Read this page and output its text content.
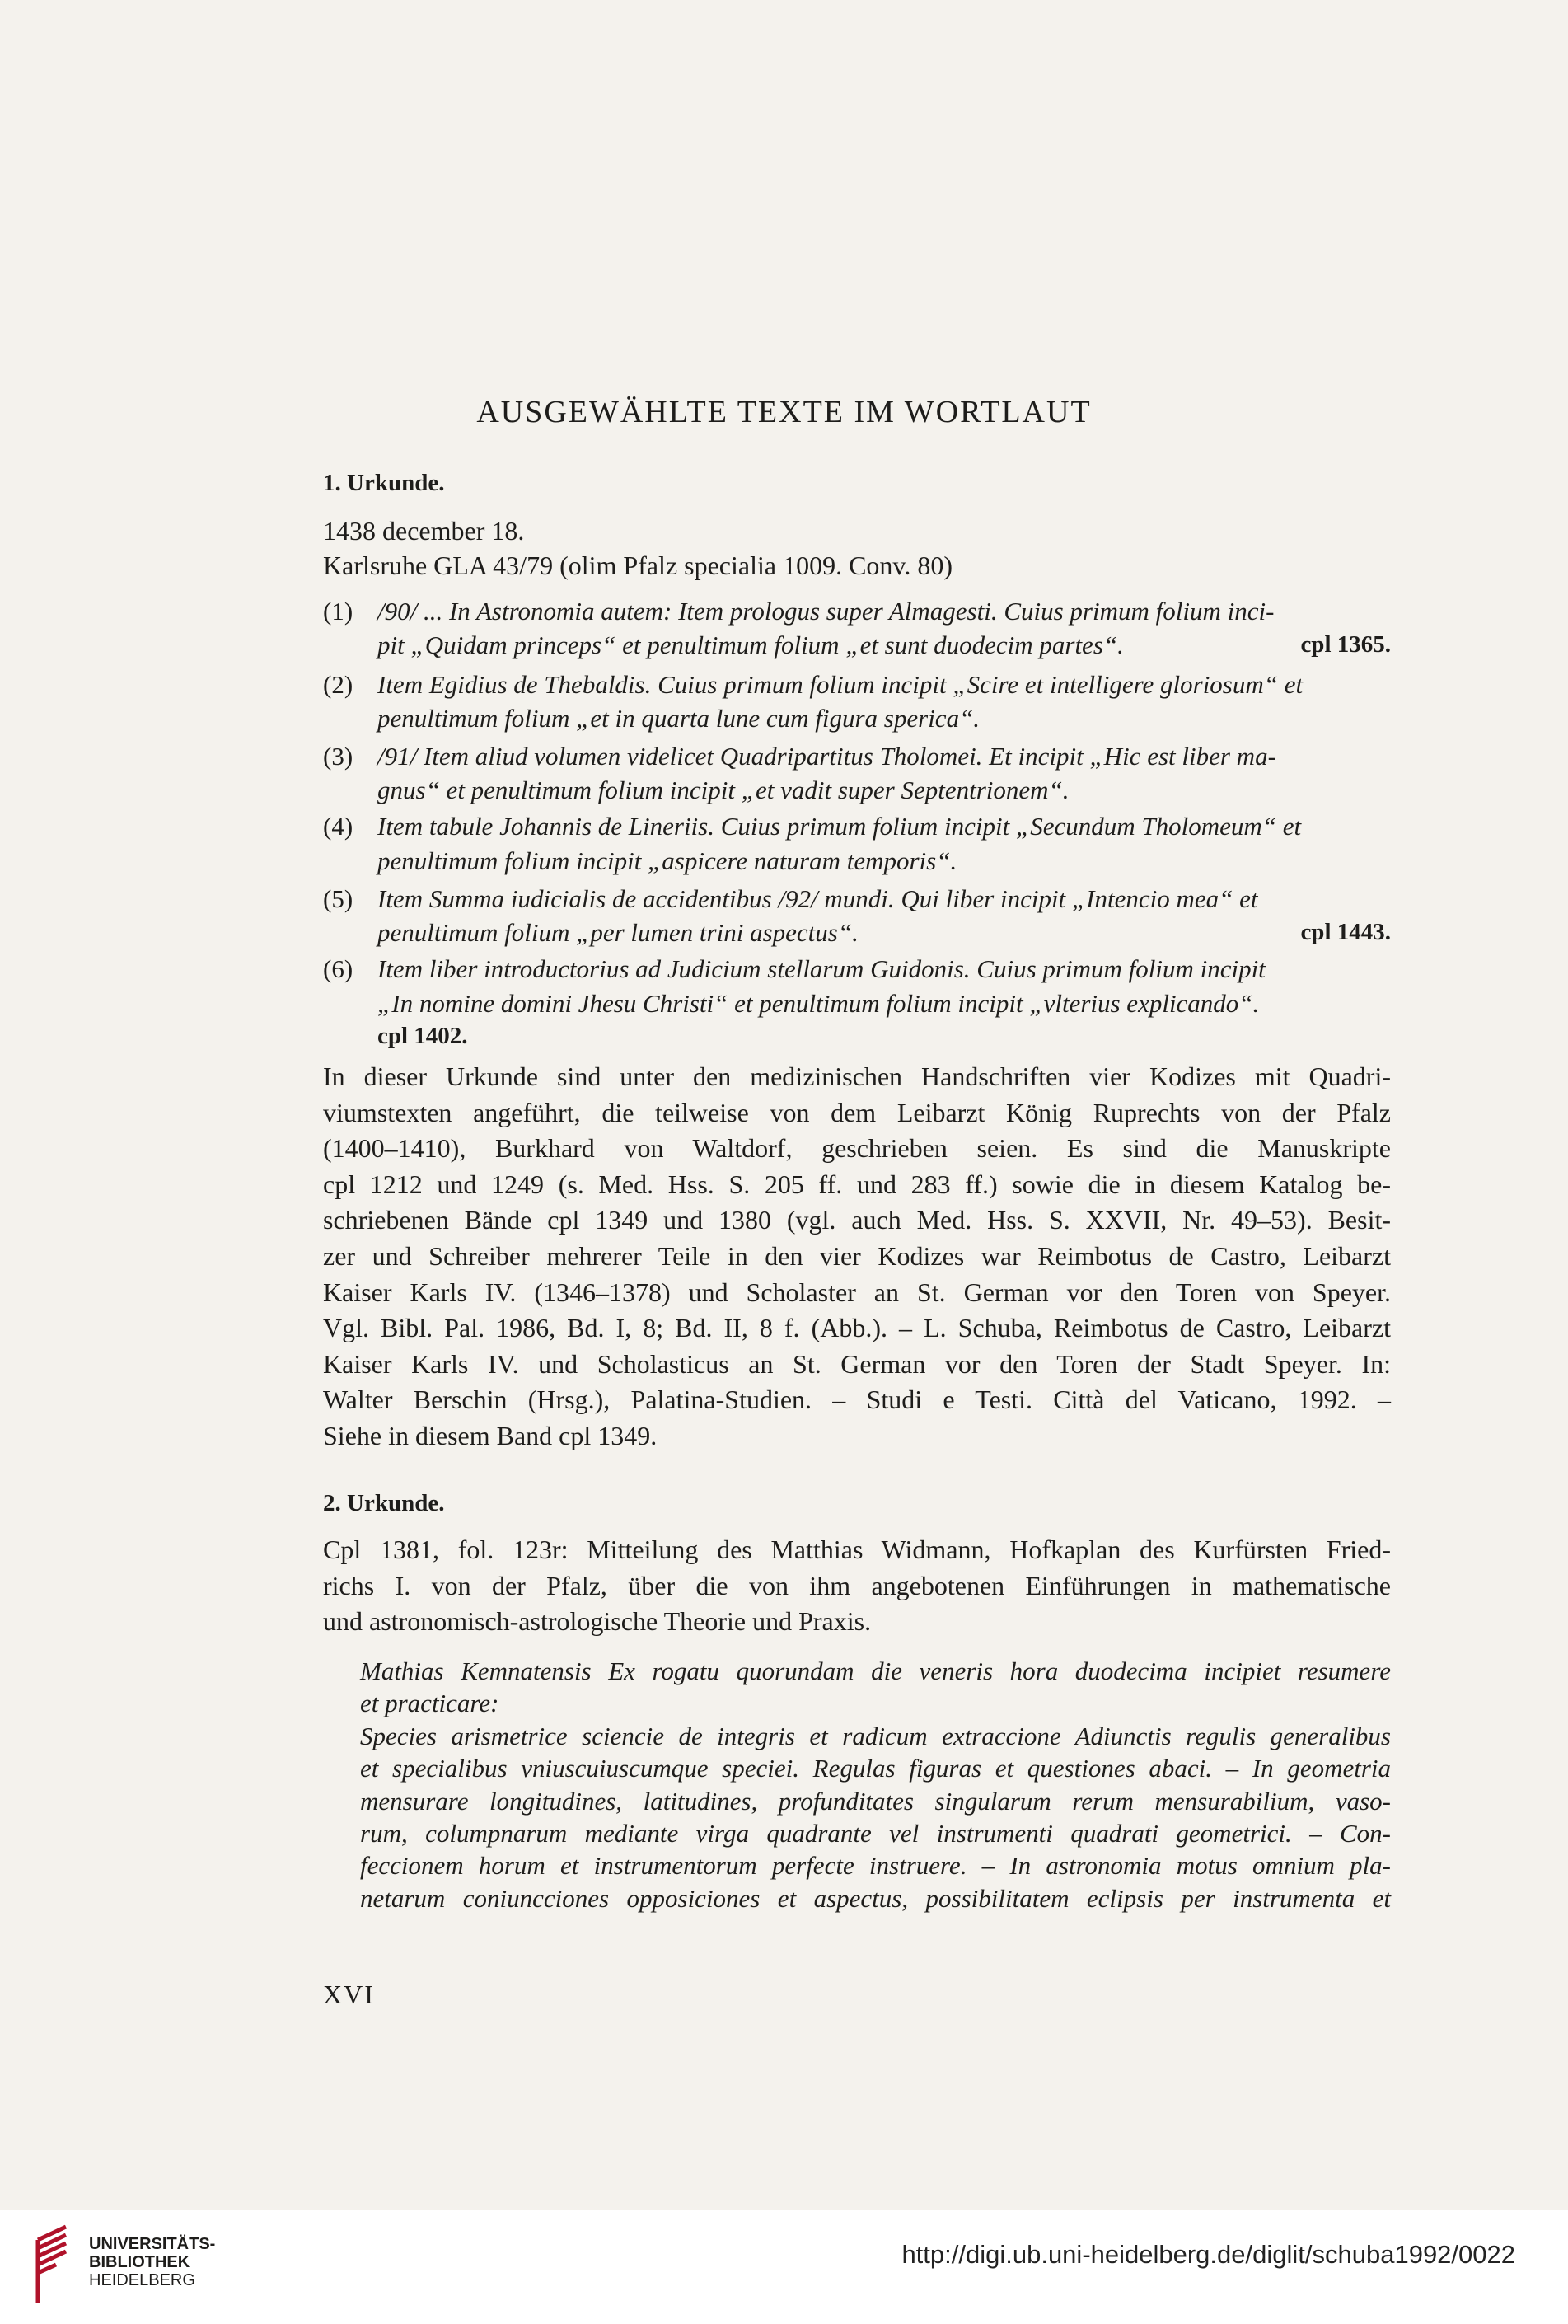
AUSGEWÄHLTE TEXTE IM WORTLAUT
1. Urkunde.
1438 december 18.
Karlsruhe GLA 43/79 (olim Pfalz specialia 1009. Conv. 80)
(1) /90/ ... In Astronomia autem: Item prologus super Almagesti. Cuius primum folium inci-
pit „Quidam princeps“ et penultimum folium „et sunt duodecim partes“.	cpl 1365.
(2) Item Egidius de Thebaldis. Cuius primum folium incipit „Scire et intelligere gloriosum“ et
penultimum folium „et in quarta lune cum figura sperica“.
(3) /91/ Item aliud volumen videlicet Quadripartitus Tholomei. Et incipit „Hic est liber ma-
gnus“ et penultimum folium incipit „et vadit super Septentrionem“.
(4) Item tabule Johannis de Lineriis. Cuius primum folium incipit „Secundum Tholomeum“ et
penultimum folium incipit „aspicere naturam temporis“.
(5) Item Summa iudicialis de accidentibus /92/ mundi. Qui liber incipit „Intencio mea“ et
penultimum folium „per lumen trini aspectus“.	cpl 1443.
(6) Item liber introductorius ad Judicium stellarum Guidonis. Cuius primum folium incipit
„In nomine domini Jhesu Christi“ et penultimum folium incipit „vlterius explicando“.
cpl 1402.
In dieser Urkunde sind unter den medizinischen Handschriften vier Kodizes mit Quadri-
viumstexten angeführt, die teilweise von dem Leibarzt König Ruprechts von der Pfalz
(1400–1410), Burkhard von Waltdorf, geschrieben seien. Es sind die Manuskripte
cpl 1212 und 1249 (s. Med. Hss. S. 205 ff. und 283 ff.) sowie die in diesem Katalog be-
schriebenen Bände cpl 1349 und 1380 (vgl. auch Med. Hss. S. XXVII, Nr. 49–53). Besit-
zer und Schreiber mehrerer Teile in den vier Kodizes war Reimbotus de Castro, Leibarzt
Kaiser Karls IV. (1346–1378) und Scholaster an St. German vor den Toren von Speyer.
Vgl. Bibl. Pal. 1986, Bd. I, 8; Bd. II, 8 f. (Abb.). – L. Schuba, Reimbotus de Castro, Leibarzt
Kaiser Karls IV. und Scholasticus an St. German vor den Toren der Stadt Speyer. In:
Walter Berschin (Hrsg.), Palatina-Studien. – Studi e Testi. Città del Vaticano, 1992. –
Siehe in diesem Band cpl 1349.
2. Urkunde.
Cpl 1381, fol. 123r: Mitteilung des Matthias Widmann, Hofkaplan des Kurfürsten Fried-
richs I. von der Pfalz, über die von ihm angebotenen Einführungen in mathematische
und astronomisch-astrologische Theorie und Praxis.
Mathias Kemnatensis Ex rogatu quorundam die veneris hora duodecima incipiet resumere
et practicare:
Species arismetrice sciencie de integris et radicum extraccione Adiunctis regulis generalibus
et specialibus vniuscuiuscumque speciei. Regulas figuras et questiones abaci. – In geometria
mensurare longitudines, latitudines, profunditates singularum rerum mensurabilium, vaso-
rum, columpnarum mediante virga quadrante vel instrumenti quadrati geometrici. – Con-
feccionem horum et instrumentorum perfecte instruere. – In astronomia motus omnium pla-
netarum coniuncciones opposiciones et aspectus, possibilitatem eclipsis per instrumenta et
XVI
UNIVERSITÄTS-
BIBLIOTHEK
HEIDELBERG
http://digi.ub.uni-heidelberg.de/diglit/schuba1992/0022
